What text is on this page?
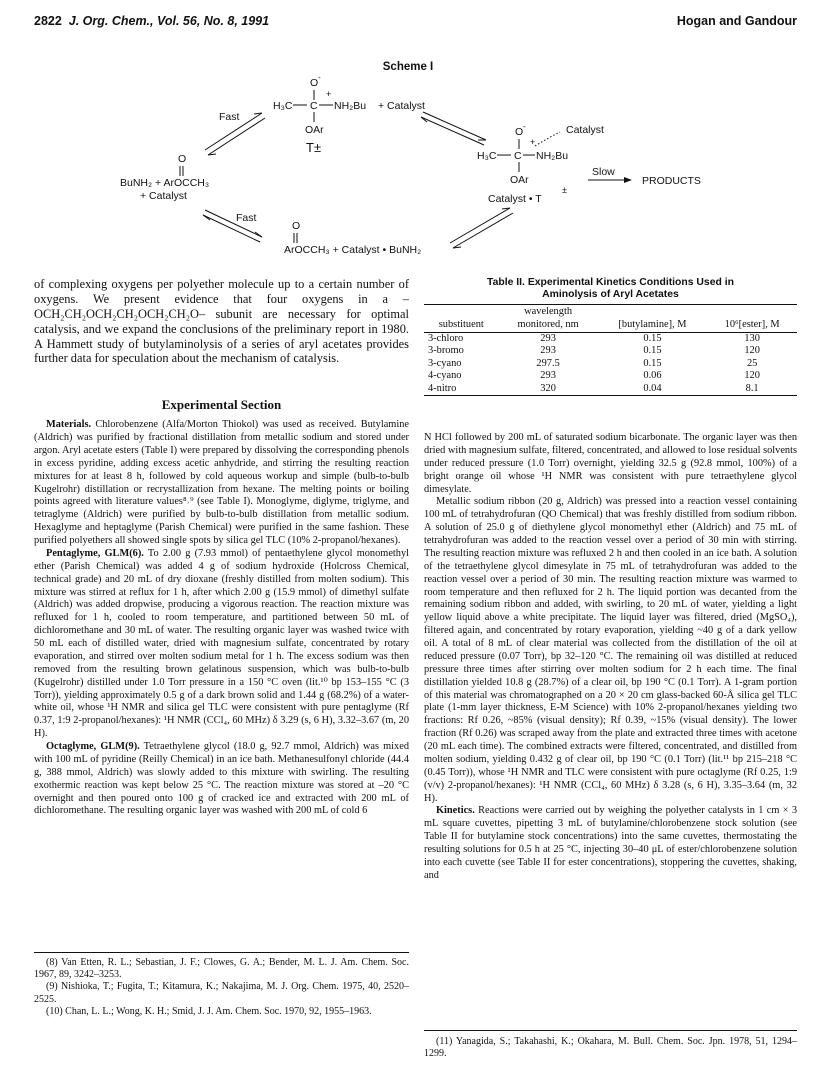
2822 J. Org. Chem., Vol. 56, No. 8, 1991	Hogan and Gandour
Scheme I
O -
+
H₃C C NH₂Bu + Catalyst
OAr
T±
Fast
O
BuNH₂ + ArOCCH₃
+ Catalyst
Fast
O
ArOCCH₃ + Catalyst • BuNH₂
O -
+
Catalyst
H₃C C NH₂Bu
OAr
Catalyst • T
±
Slow
PRODUCTS

of complexing oxygens per polyether molecule up to a certain number of oxygens. We present evidence that four oxygens in a –OCH₂CH₂OCH₂CH₂OCH₂CH₂O– subunit are necessary for optimal catalysis, and we expand the conclusions of the preliminary report in 1980. A Hammett study of butylaminolysis of a series of aryl acetates provides further data for speculation about the mechanism of catalysis.

Experimental Section

Materials. Chlorobenzene (Alfa/Morton Thiokol) was used as received. Butylamine (Aldrich) was purified by fractional distillation from metallic sodium and stored under argon. Aryl acetate esters (Table I) were prepared by dissolving the corresponding phenols in excess pyridine, adding excess acetic anhydride, and stirring the resulting reaction mixtures for at least 8 h, followed by cold aqueous workup and simple (bulb-to-bulb Kugelrohr) distillation or recrystallization from hexane. The melting points or boiling points agreed with literature values⁸˒⁹ (see Table I). Monoglyme, diglyme, triglyme, and tetraglyme (Aldrich) were purified by bulb-to-bulb distillation from metallic sodium. Hexaglyme and heptaglyme (Parish Chemical) were purified in the same fashion. These purified polyethers all showed single spots by silica gel TLC (10% 2-propanol/hexanes).

Pentaglyme, GLM(6). To 2.00 g (7.93 mmol) of pentaethylene glycol monomethyl ether (Parish Chemical) was added 4 g of sodium hydroxide (Holcross Chemical, technical grade) and 20 mL of dry dioxane (freshly distilled from molten sodium). This mixture was stirred at reflux for 1 h, after which 2.00 g (15.9 mmol) of dimethyl sulfate (Aldrich) was added dropwise, producing a vigorous reaction. The reaction mixture was refluxed for 1 h, cooled to room temperature, and partitioned between 50 mL of dichloromethane and 30 mL of water. The resulting organic layer was washed twice with 50 mL each of distilled water, dried with magnesium sulfate, concentrated by rotary evaporation, and stirred over molten sodium metal for 1 h. The excess sodium was then removed from the resulting brown gelatinous suspension, which was bulb-to-bulb (Kugelrohr) distilled under 1.0 Torr pressure in a 150 °C oven (lit.¹⁰ bp 153–155 °C (3 Torr)), yielding approximately 0.5 g of a dark brown solid and 1.44 g (68.2%) of a water-white oil, whose ¹H NMR and silica gel TLC were consistent with pure pentaglyme (Rf 0.37, 1:9 2-propanol/hexanes): ¹H NMR (CCl₄, 60 MHz) δ 3.29 (s, 6 H), 3.32–3.67 (m, 20 H).

Octaglyme, GLM(9). Tetraethylene glycol (18.0 g, 92.7 mmol, Aldrich) was mixed with 100 mL of pyridine (Reilly Chemical) in an ice bath. Methanesulfonyl chloride (44.4 g, 388 mmol, Aldrich) was slowly added to this mixture with swirling. The resulting exothermic reaction was kept below 25 °C. The reaction mixture was stored at –20 °C overnight and then poured onto 100 g of cracked ice and extracted with 200 mL of dichloromethane. The resulting organic layer was washed with 200 mL of cold 6

Table II. Experimental Kinetics Conditions Used in
Aminolysis of Aryl Acetates
	wavelength		
substituent	monitored, nm	[butylamine], M	10⁶[ester], M
3-chloro	293	0.15	130
3-bromo	293	0.15	120
3-cyano	297.5	0.15	25
4-cyano	293	0.06	120
4-nitro	320	0.04	8.1

N HCl followed by 200 mL of saturated sodium bicarbonate. The organic layer was then dried with magnesium sulfate, filtered, concentrated, and allowed to lose residual solvents under reduced pressure (1.0 Torr) overnight, yielding 32.5 g (92.8 mmol, 100%) of a bright orange oil whose ¹H NMR was consistent with pure tetraethylene glycol dimesylate.

Metallic sodium ribbon (20 g, Aldrich) was pressed into a reaction vessel containing 100 mL of tetrahydrofuran (QO Chemical) that was freshly distilled from sodium ribbon. A solution of 25.0 g of diethylene glycol monomethyl ether (Aldrich) and 75 mL of tetrahydrofuran was added to the reaction vessel over a period of 30 min with stirring. The resulting reaction mixture was refluxed 2 h and then cooled in an ice bath. A solution of the tetraethylene glycol dimesylate in 75 mL of tetrahydrofuran was added to the reaction vessel over a period of 30 min. The resulting reaction mixture was warmed to room temperature and then refluxed for 2 h. The liquid portion was decanted from the remaining sodium ribbon and added, with swirling, to 20 mL of water, yielding a light yellow liquid above a white precipitate. The liquid layer was filtered, dried (MgSO₄), filtered again, and concentrated by rotary evaporation, yielding ~40 g of a dark yellow oil. A total of 8 mL of clear material was collected from the distillation of the oil at reduced pressure (0.07 Torr), bp 32–120 °C. The remaining oil was distilled at reduced pressure three times after stirring over molten sodium for 2 h each time. The final distillation yielded 10.8 g (28.7%) of a clear oil, bp 190 °C (0.1 Torr). A 1-gram portion of this material was chromatographed on a 20 × 20 cm glass-backed 60-Å silica gel TLC plate (1-mm layer thickness, E-M Science) with 10% 2-propanol/hexanes yielding two fractions: Rf 0.26, ~85% (visual density); Rf 0.39, ~15% (visual density). The lower fraction (Rf 0.26) was scraped away from the plate and extracted three times with acetone (20 mL each time). The combined extracts were filtered, concentrated, and distilled from molten sodium, yielding 0.432 g of clear oil, bp 190 °C (0.1 Torr) (lit.¹¹ bp 215–218 °C (0.45 Torr)), whose ¹H NMR and TLC were consistent with pure octaglyme (Rf 0.25, 1:9 (v/v) 2-propanol/hexanes): ¹H NMR (CCl₄, 60 MHz) δ 3.28 (s, 6 H), 3.35–3.64 (m, 32 H).

Kinetics. Reactions were carried out by weighing the polyether catalysts in 1 cm × 3 mL square cuvettes, pipetting 3 mL of butylamine/chlorobenzene stock solution (see Table II for butylamine stock concentrations) into the same cuvettes, thermostating the resulting solutions for 0.5 h at 25 °C, injecting 30–40 μL of ester/chlorobenzene solution into each cuvette (see Table II for ester concentrations), stoppering the cuvettes, shaking, and

(8) Van Etten, R. L.; Sebastian, J. F.; Clowes, G. A.; Bender, M. L. J. Am. Chem. Soc. 1967, 89, 3242–3253.

(9) Nishioka, T.; Fugita, T.; Kitamura, K.; Nakajima, M. J. Org. Chem. 1975, 40, 2520–2525.

(10) Chan, L. L.; Wong, K. H.; Smid, J. J. Am. Chem. Soc. 1970, 92, 1955–1963.

(11) Yanagida, S.; Takahashi, K.; Okahara, M. Bull. Chem. Soc. Jpn. 1978, 51, 1294–1299.
